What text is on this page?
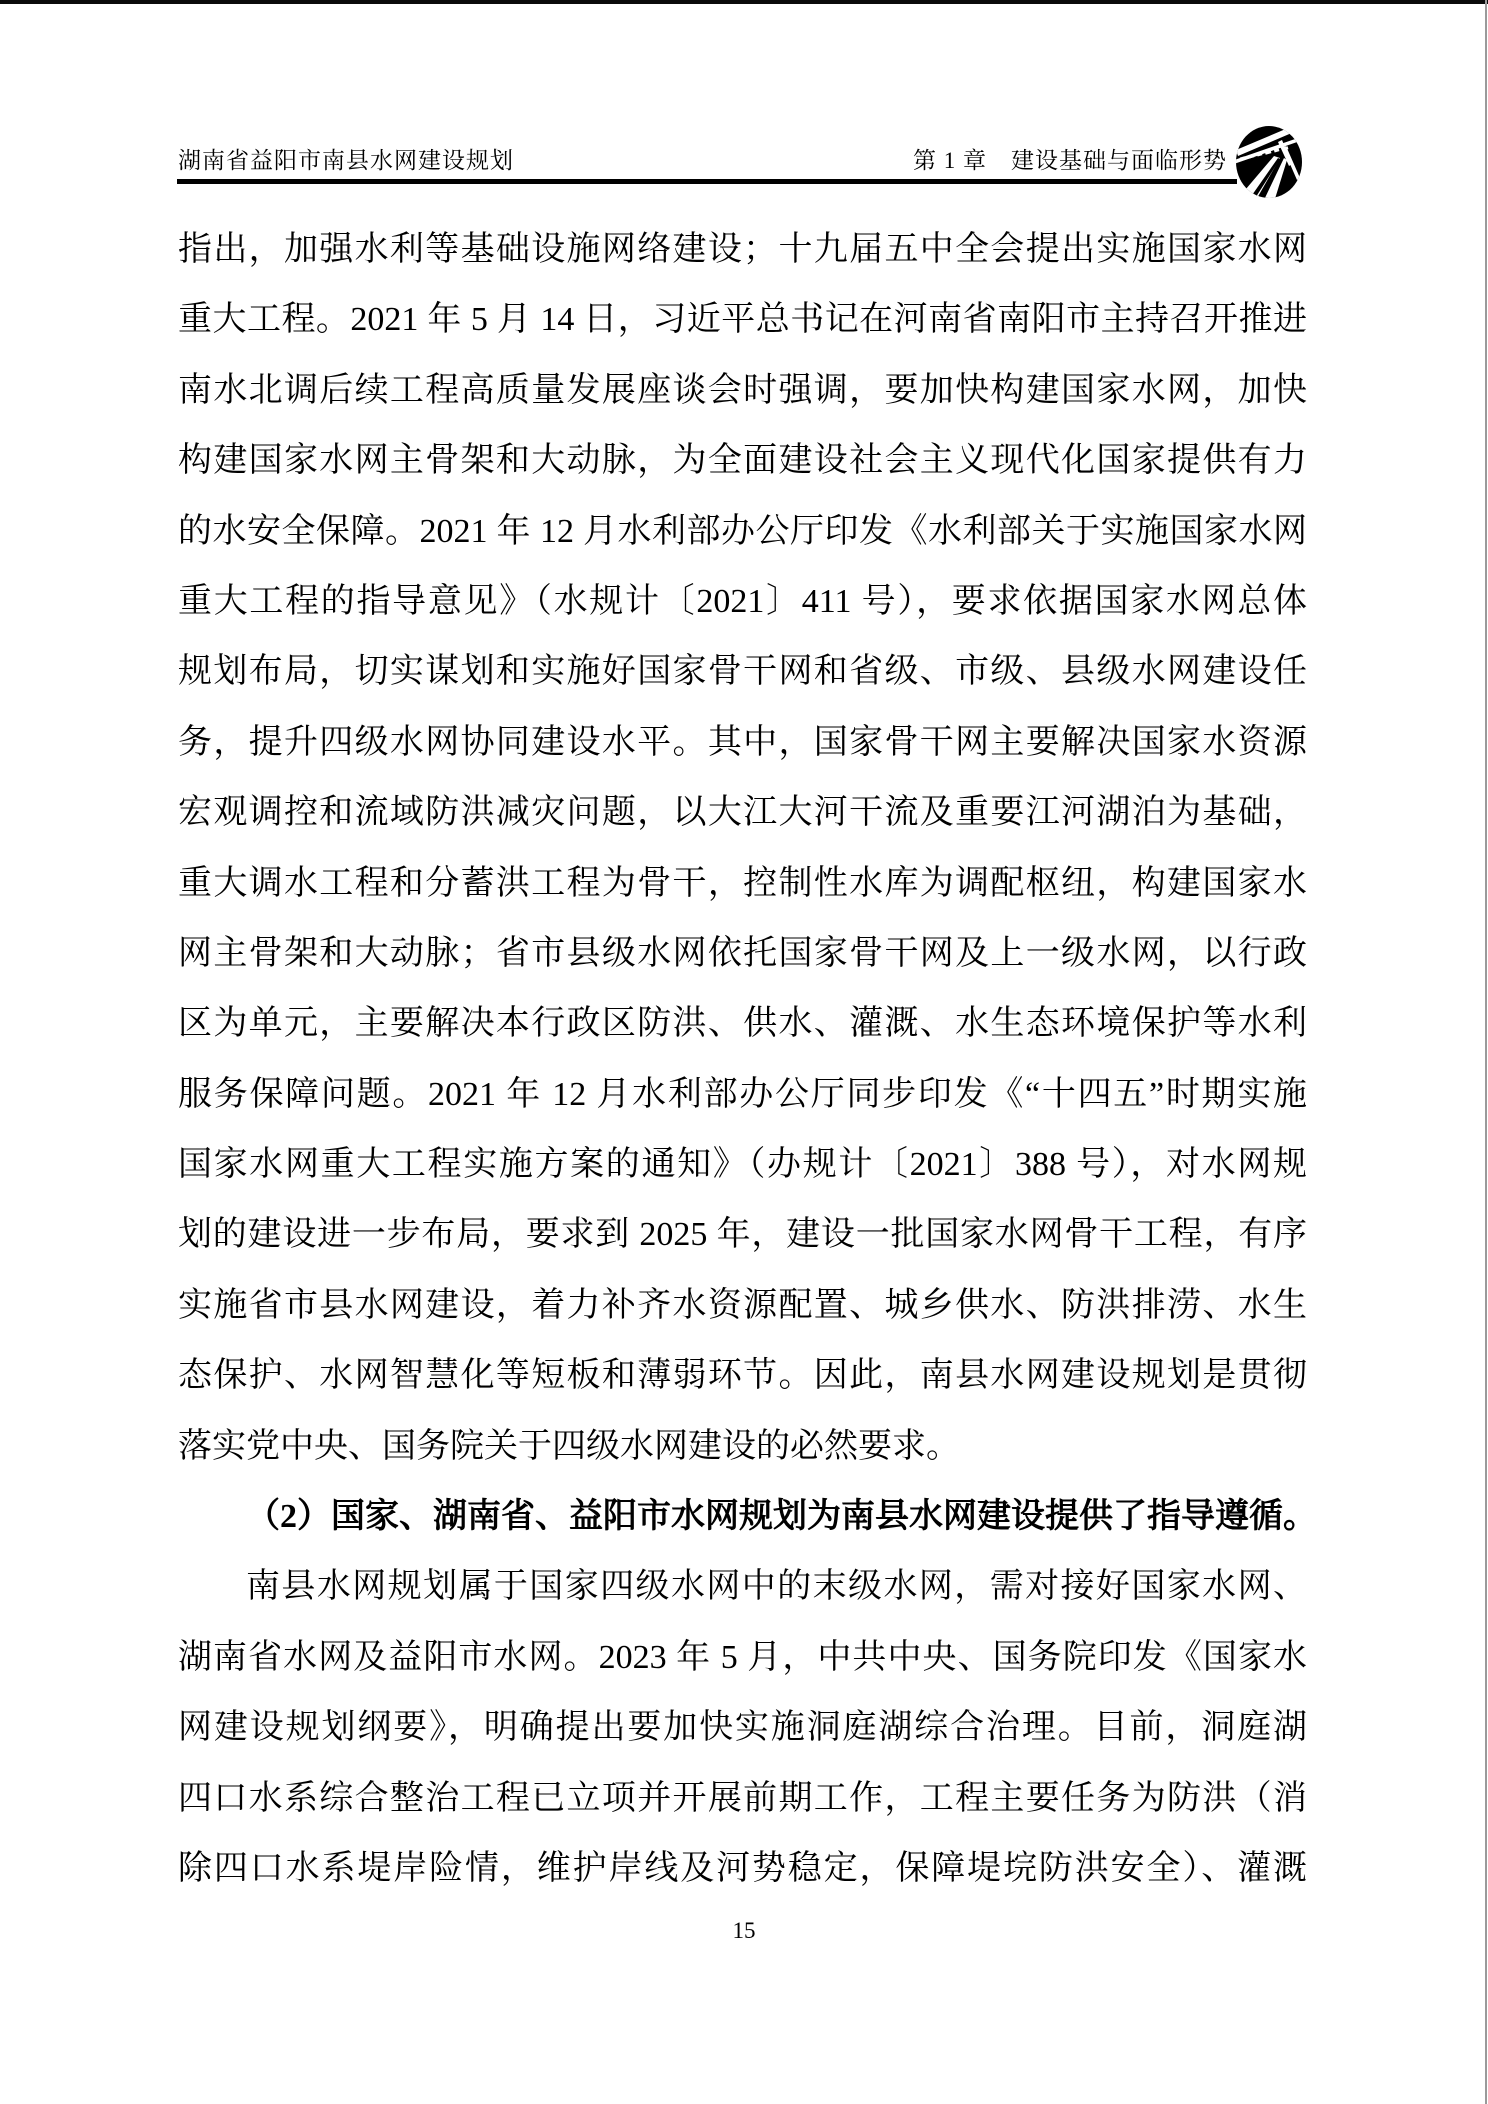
湖南省益阳市南县水网建设规划	第 1 章　建设基础与面临形势
指出，加强水利等基础设施网络建设；十九届五中全会提出实施国家水网
重大工程。2021 年 5 月 14 日，习近平总书记在河南省南阳市主持召开推进
南水北调后续工程高质量发展座谈会时强调，要加快构建国家水网，加快
构建国家水网主骨架和大动脉，为全面建设社会主义现代化国家提供有力
的水安全保障。2021 年 12 月水利部办公厅印发《水利部关于实施国家水网
重大工程的指导意见》（水规计〔2021〕411 号），要求依据国家水网总体
规划布局，切实谋划和实施好国家骨干网和省级、市级、县级水网建设任
务，提升四级水网协同建设水平。其中，国家骨干网主要解决国家水资源
宏观调控和流域防洪减灾问题，以大江大河干流及重要江河湖泊为基础，
重大调水工程和分蓄洪工程为骨干，控制性水库为调配枢纽，构建国家水
网主骨架和大动脉；省市县级水网依托国家骨干网及上一级水网，以行政
区为单元，主要解决本行政区防洪、供水、灌溉、水生态环境保护等水利
服务保障问题。2021 年 12 月水利部办公厅同步印发《“十四五”时期实施
国家水网重大工程实施方案的通知》（办规计〔2021〕388 号），对水网规
划的建设进一步布局，要求到 2025 年，建设一批国家水网骨干工程，有序
实施省市县水网建设，着力补齐水资源配置、城乡供水、防洪排涝、水生
态保护、水网智慧化等短板和薄弱环节。因此，南县水网建设规划是贯彻
落实党中央、国务院关于四级水网建设的必然要求。
（2）国家、湖南省、益阳市水网规划为南县水网建设提供了指导遵循。
南县水网规划属于国家四级水网中的末级水网，需对接好国家水网、
湖南省水网及益阳市水网。2023 年 5 月，中共中央、国务院印发《国家水
网建设规划纲要》，明确提出要加快实施洞庭湖综合治理。目前，洞庭湖
四口水系综合整治工程已立项并开展前期工作，工程主要任务为防洪（消
除四口水系堤岸险情，维护岸线及河势稳定，保障堤垸防洪安全）、灌溉
15
